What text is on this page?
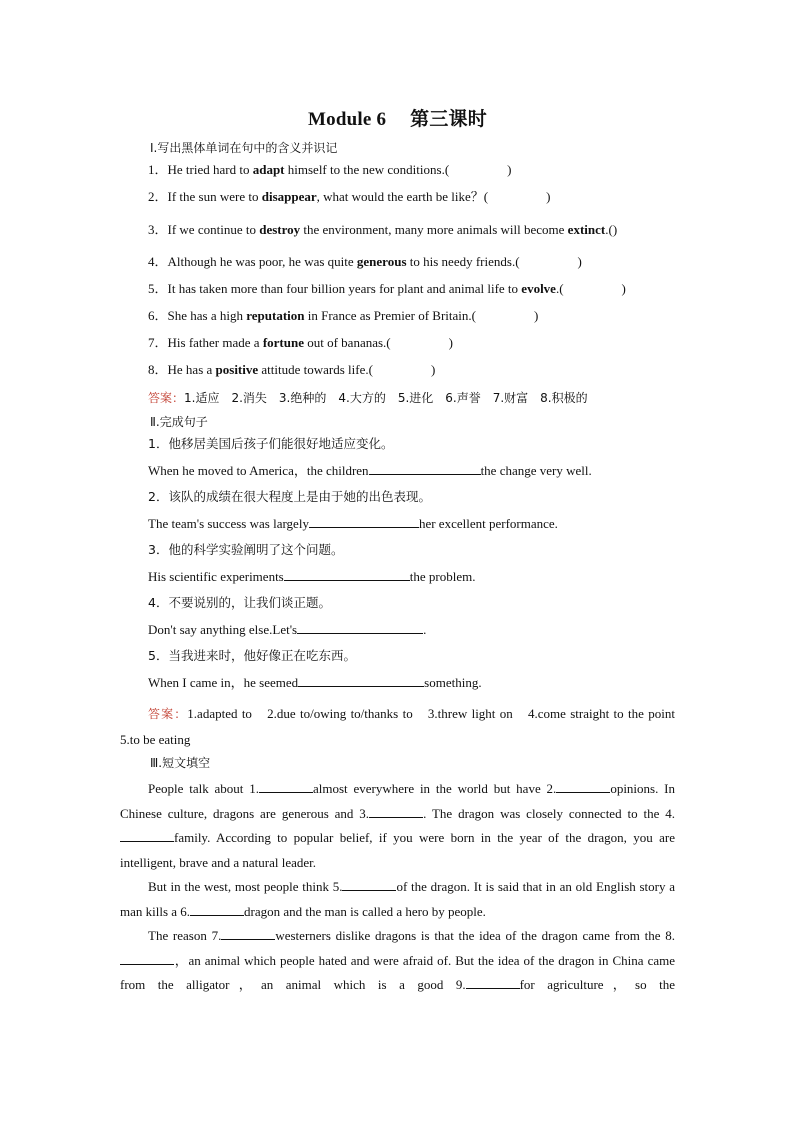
Module 6 第三课时
Ⅰ.写出黑体单词在句中的含义并识记
1．He tried hard to adapt himself to the new conditions.(	)
2．If the sun were to disappear, what would the earth be like？(	)
3．If we continue to destroy the environment, many more animals will become extinct.()
4．Although he was poor, he was quite generous to his needy friends.(	)
5．It has taken more than four billion years for plant and animal life to evolve.(	)
6．She has a high reputation in France as Premier of Britain.(	)
7．His father made a fortune out of bananas.(	)
8．He has a positive attitude towards life.(	)
答案：1.适应　2.消失　3.绝种的　4.大方的　5.进化　6.声誉　7.财富　8.积极的
Ⅱ.完成句子
1．他移居美国后孩子们能很好地适应变化。
When he moved to America，the children	the change very well.
2．该队的成绩在很大程度上是由于她的出色表现。
The team's success was largely	her excellent performance.
3．他的科学实验阐明了这个问题。
His scientific experiments	the problem.
4．不要说别的，让我们谈正题。
Don't say anything else.Let's	.
5．当我进来时，他好像正在吃东西。
When I came in，he seemed	something.
答案：1.adapted to　2.due to/owing to/thanks to　3.threw light on　4.come straight to the point　5.to be eating
Ⅲ.短文填空

People talk about 1.	almost everywhere in the world but have 2.	opinions. In Chinese culture, dragons are generous and 3.	. The dragon was closely connected to the 4.family. According to popular belief, if you were born in the year of the dragon, you are intelligent, brave and a natural leader.

But in the west, most people think 5.	of the dragon. It is said that in an old English story a man kills a 6.	dragon and the man is called a hero by people.

The reason 7.	westerners dislike dragons is that the idea of the dragon came from the 8.，an animal which people hated and were afraid of. But the idea of the dragon in China came from the alligator，an animal which is a good 9.	for agriculture，so the
